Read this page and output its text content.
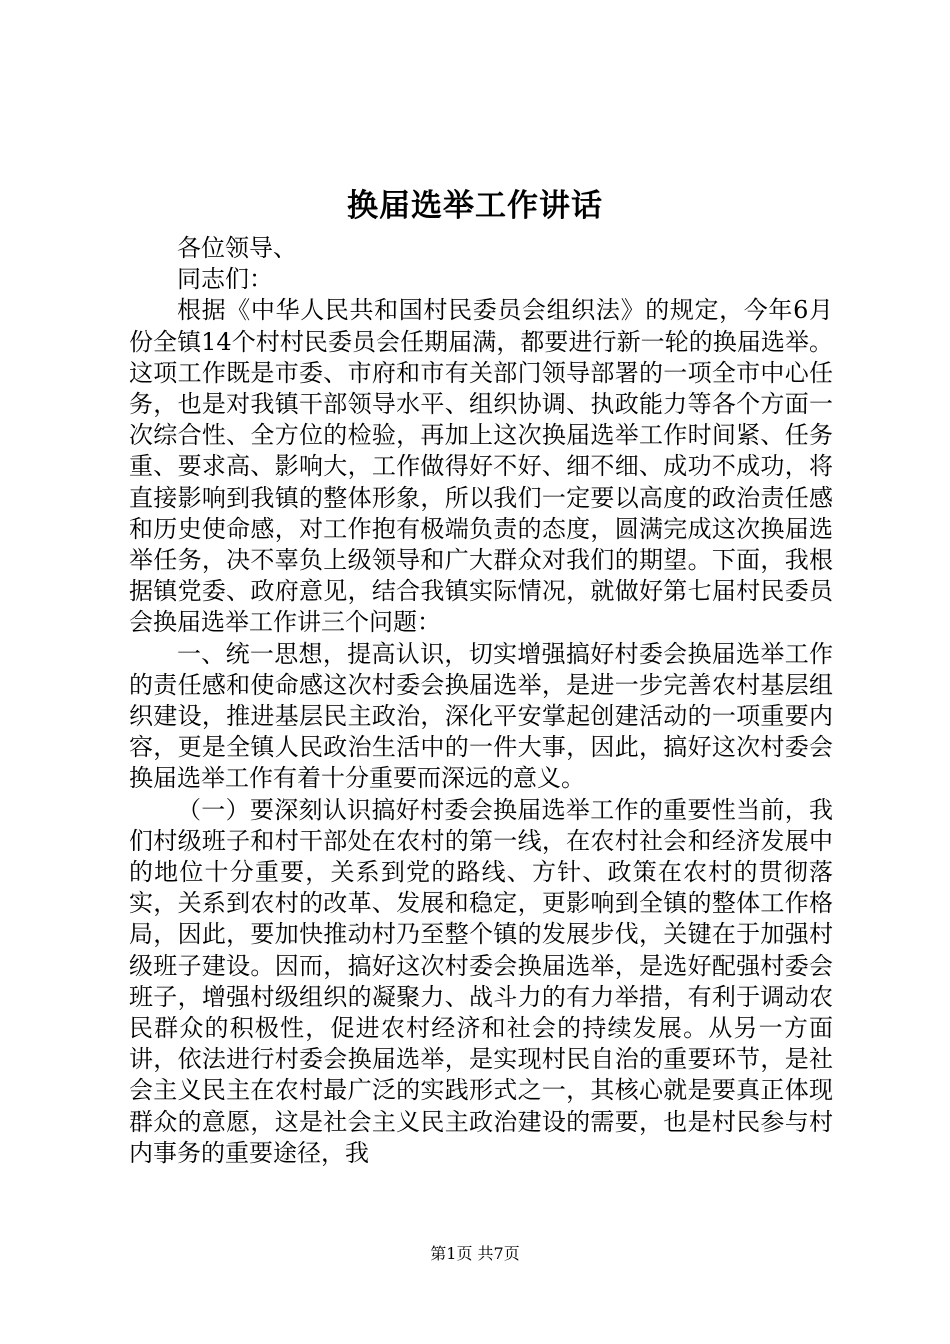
换届选举工作讲话

各位领导、

同志们：

根据《中华人民共和国村民委员会组织法》的规定，今年6月份全镇14个村村民委员会任期届满，都要进行新一轮的换届选举。这项工作既是市委、市府和市有关部门领导部署的一项全市中心任务，也是对我镇干部领导水平、组织协调、执政能力等各个方面一次综合性、全方位的检验，再加上这次换届选举工作时间紧、任务重、要求高、影响大，工作做得好不好、细不细、成功不成功，将直接影响到我镇的整体形象，所以我们一定要以高度的政治责任感和历史使命感，对工作抱有极端负责的态度，圆满完成这次换届选举任务，决不辜负上级领导和广大群众对我们的期望。下面，我根据镇党委、政府意见，结合我镇实际情况，就做好第七届村民委员会换届选举工作讲三个问题：

一、统一思想，提高认识，切实增强搞好村委会换届选举工作的责任感和使命感这次村委会换届选举，是进一步完善农村基层组织建设，推进基层民主政治，深化平安掌起创建活动的一项重要内容，更是全镇人民政治生活中的一件大事，因此，搞好这次村委会换届选举工作有着十分重要而深远的意义。

（一）要深刻认识搞好村委会换届选举工作的重要性当前，我们村级班子和村干部处在农村的第一线，在农村社会和经济发展中的地位十分重要，关系到党的路线、方针、政策在农村的贯彻落实，关系到农村的改革、发展和稳定，更影响到全镇的整体工作格局，因此，要加快推动村乃至整个镇的发展步伐，关键在于加强村级班子建设。因而，搞好这次村委会换届选举，是选好配强村委会班子，增强村级组织的凝聚力、战斗力的有力举措，有利于调动农民群众的积极性，促进农村经济和社会的持续发展。从另一方面讲，依法进行村委会换届选举，是实现村民自治的重要环节，是社会主义民主在农村最广泛的实践形式之一，其核心就是要真正体现群众的意愿，这是社会主义民主政治建设的需要，也是村民参与村内事务的重要途径，我

第1页 共7页
